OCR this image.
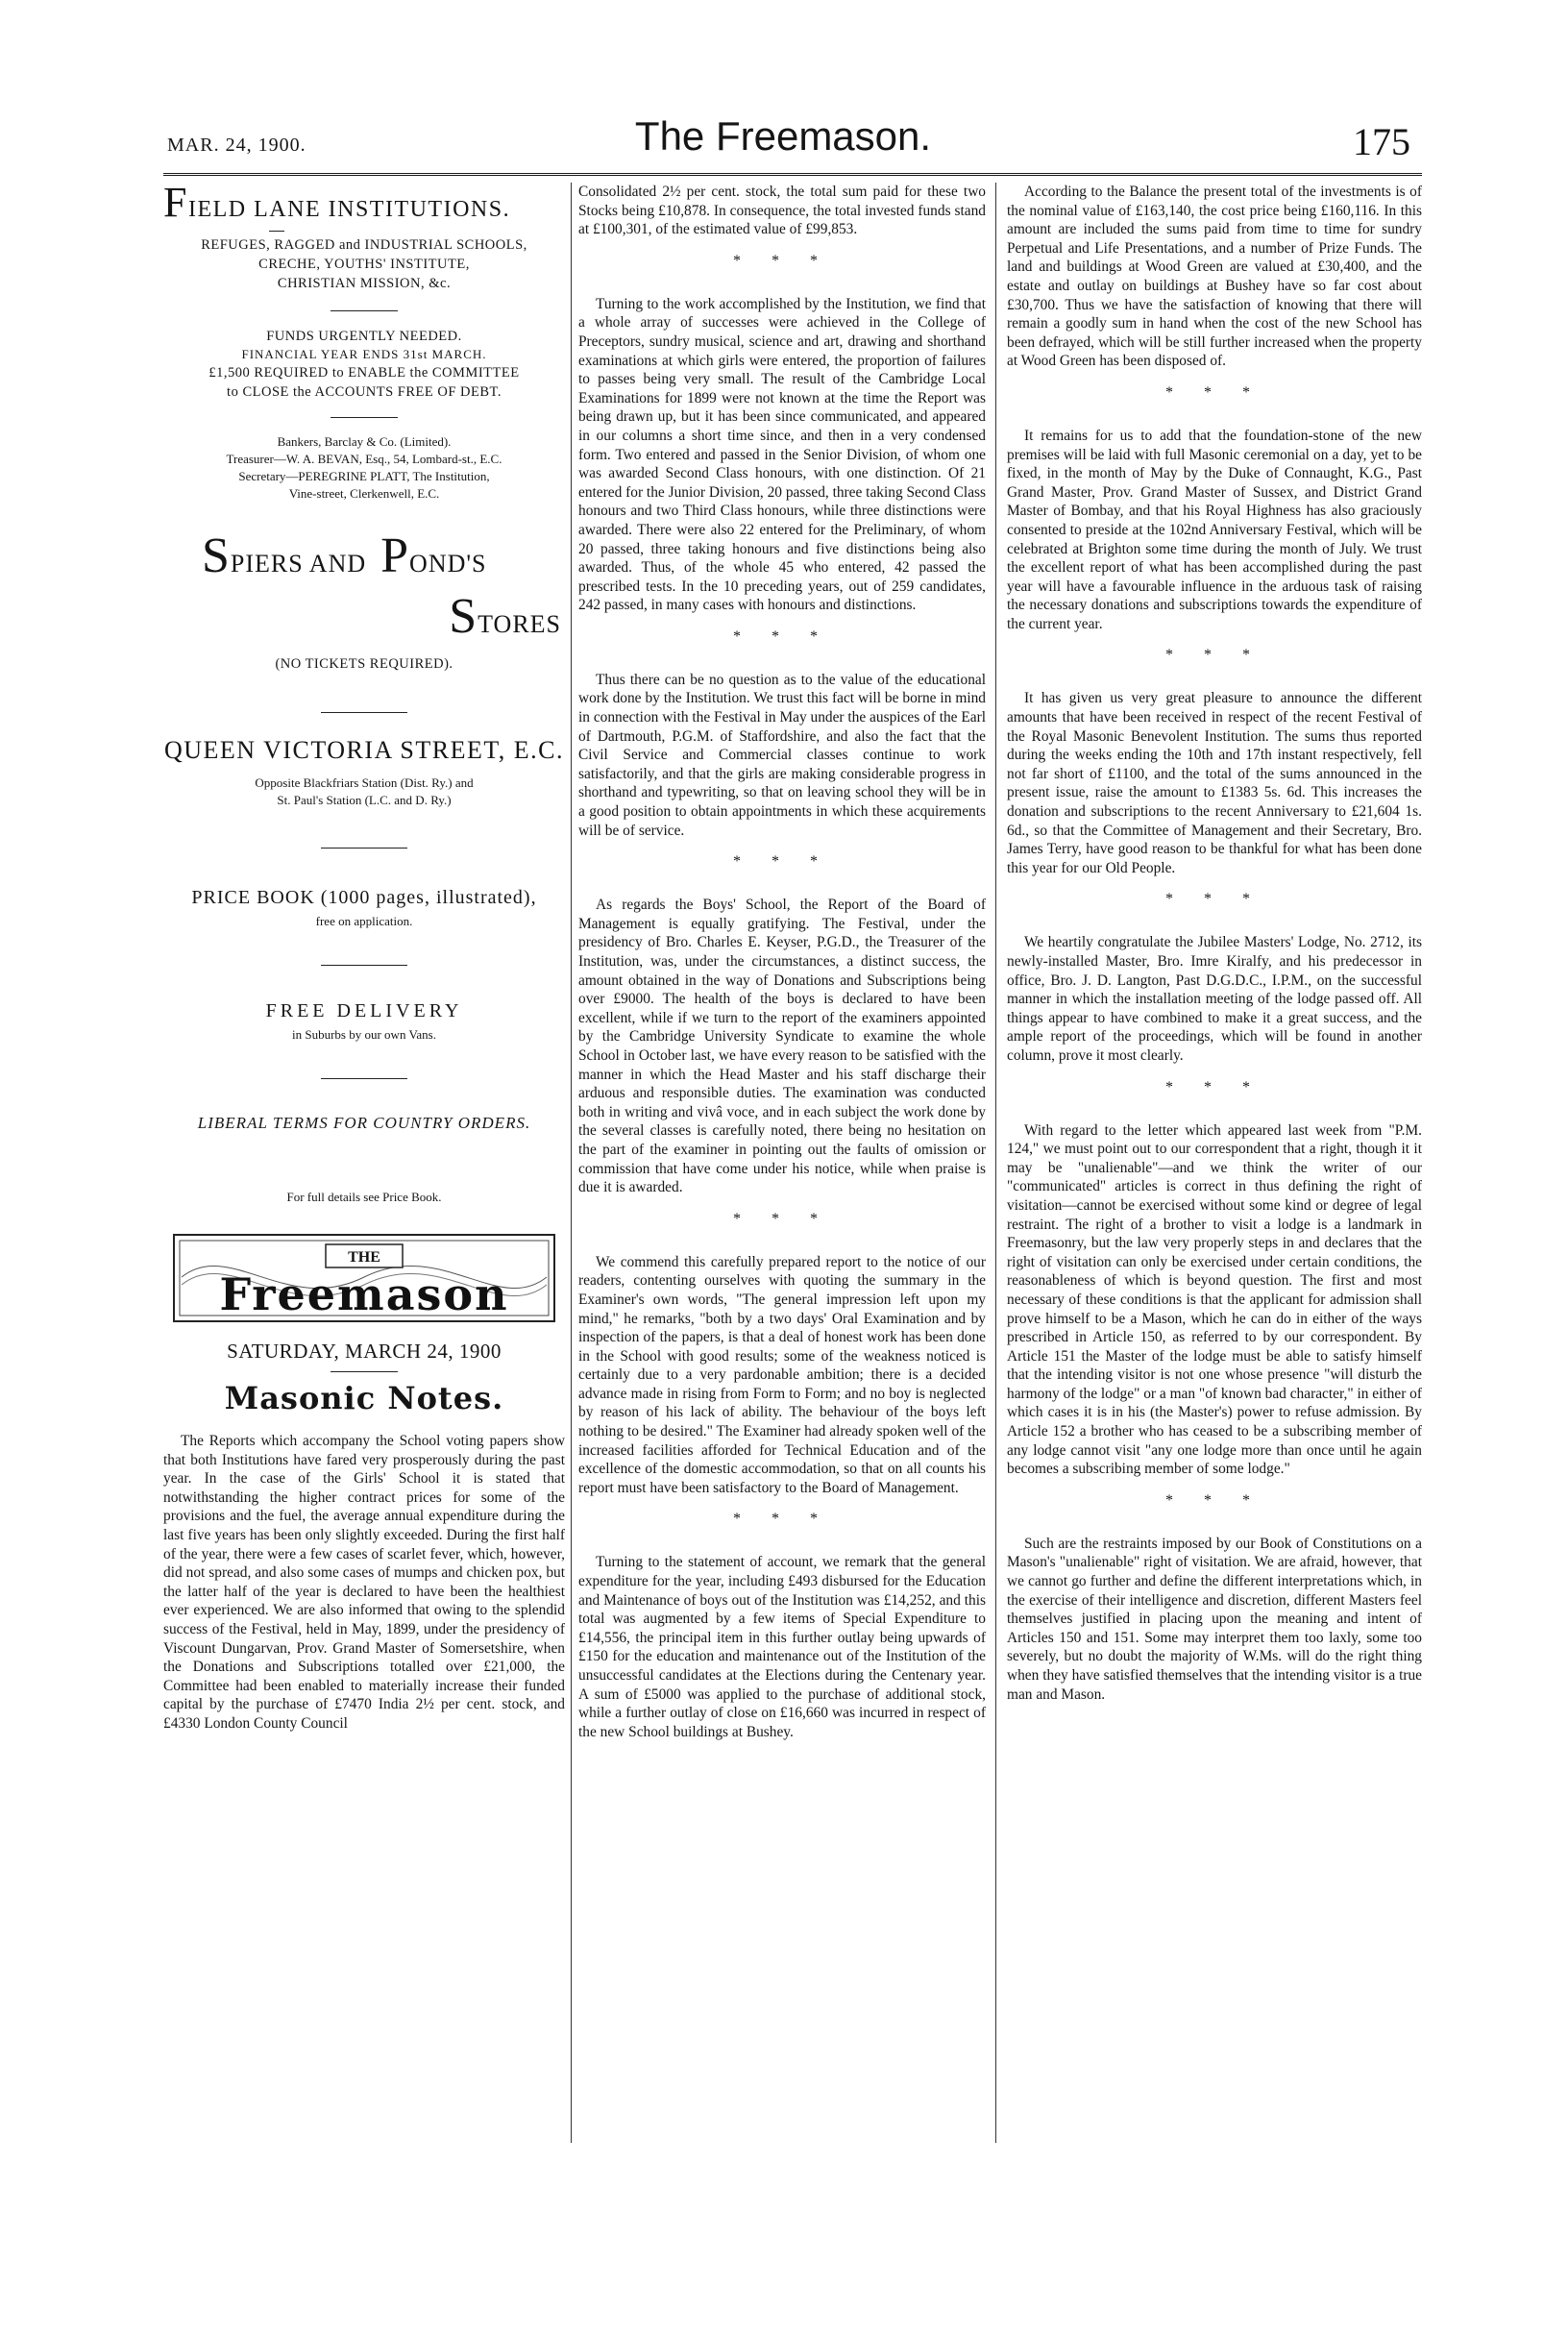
MAR. 24, 1900.	The Freemason.	175
FIELD LANE INSTITUTIONS.

REFUGES, RAGGED and INDUSTRIAL SCHOOLS,

CRECHE, YOUTHS' INSTITUTE,

CHRISTIAN MISSION, &c.

FUNDS URGENTLY NEEDED.

FINANCIAL YEAR ENDS 31st MARCH.

£1,500 REQUIRED to ENABLE the COMMITTEE

to CLOSE the ACCOUNTS FREE OF DEBT.

Bankers, Barclay & Co. (Limited).

Treasurer—W. A. BEVAN, Esq., 54, Lombard-st., E.C.

Secretary—PEREGRINE PLATT, The Institution,

Vine-street, Clerkenwell, E.C.

SPIERS AND POND'S
STORES

(NO TICKETS REQUIRED).

QUEEN VICTORIA STREET, E.C.

Opposite Blackfriars Station (Dist. Ry.) and

St. Paul's Station (L.C. and D. Ry.)

PRICE BOOK (1000 pages, illustrated),

free on application.

FREE DELIVERY

in Suburbs by our own Vans.

LIBERAL TERMS FOR COUNTRY ORDERS.

For full details see Price Book.

THE
Freemason
SATURDAY, MARCH 24, 1900
Masonic Notes.

The Reports which accompany the School voting papers show that both Institutions have fared very prosperously during the past year. In the case of the Girls' School it is stated that notwithstanding the higher contract prices for some of the provisions and the fuel, the average annual expenditure during the last five years has been only slightly exceeded. During the first half of the year, there were a few cases of scarlet fever, which, however, did not spread, and also some cases of mumps and chicken pox, but the latter half of the year is declared to have been the healthiest ever experienced. We are also informed that owing to the splendid success of the Festival, held in May, 1899, under the presidency of Viscount Dungarvan, Prov. Grand Master of Somersetshire, when the Donations and Subscriptions totalled over £21,000, the Committee had been enabled to materially increase their funded capital by the purchase of £7470 India 2½ per cent. stock, and £4330 London County Council

Consolidated 2½ per cent. stock, the total sum paid for these two Stocks being £10,878. In consequence, the total invested funds stand at £100,301, of the estimated value of £99,853.

* * *

Turning to the work accomplished by the Institution, we find that a whole array of successes were achieved in the College of Preceptors, sundry musical, science and art, drawing and shorthand examinations at which girls were entered, the proportion of failures to passes being very small. The result of the Cambridge Local Examinations for 1899 were not known at the time the Report was being drawn up, but it has been since communicated, and appeared in our columns a short time since, and then in a very condensed form. Two entered and passed in the Senior Division, of whom one was awarded Second Class honours, with one distinction. Of 21 entered for the Junior Division, 20 passed, three taking Second Class honours and two Third Class honours, while three distinctions were awarded. There were also 22 entered for the Preliminary, of whom 20 passed, three taking honours and five distinctions being also awarded. Thus, of the whole 45 who entered, 42 passed the prescribed tests. In the 10 preceding years, out of 259 candidates, 242 passed, in many cases with honours and distinctions.

* * *

Thus there can be no question as to the value of the educational work done by the Institution. We trust this fact will be borne in mind in connection with the Festival in May under the auspices of the Earl of Dartmouth, P.G.M. of Staffordshire, and also the fact that the Civil Service and Commercial classes continue to work satisfactorily, and that the girls are making considerable progress in shorthand and typewriting, so that on leaving school they will be in a good position to obtain appointments in which these acquirements will be of service.

* * *

As regards the Boys' School, the Report of the Board of Management is equally gratifying. The Festival, under the presidency of Bro. Charles E. Keyser, P.G.D., the Treasurer of the Institution, was, under the circumstances, a distinct success, the amount obtained in the way of Donations and Subscriptions being over £9000. The health of the boys is declared to have been excellent, while if we turn to the report of the examiners appointed by the Cambridge University Syndicate to examine the whole School in October last, we have every reason to be satisfied with the manner in which the Head Master and his staff discharge their arduous and responsible duties. The examination was conducted both in writing and vivâ voce, and in each subject the work done by the several classes is carefully noted, there being no hesitation on the part of the examiner in pointing out the faults of omission or commission that have come under his notice, while when praise is due it is awarded.

* * *

We commend this carefully prepared report to the notice of our readers, contenting ourselves with quoting the summary in the Examiner's own words, "The general impression left upon my mind," he remarks, "both by a two days' Oral Examination and by inspection of the papers, is that a deal of honest work has been done in the School with good results; some of the weakness noticed is certainly due to a very pardonable ambition; there is a decided advance made in rising from Form to Form; and no boy is neglected by reason of his lack of ability. The behaviour of the boys left nothing to be desired." The Examiner had already spoken well of the increased facilities afforded for Technical Education and of the excellence of the domestic accommodation, so that on all counts his report must have been satisfactory to the Board of Management.

* * *

Turning to the statement of account, we remark that the general expenditure for the year, including £493 disbursed for the Education and Maintenance of boys out of the Institution was £14,252, and this total was augmented by a few items of Special Expenditure to £14,556, the principal item in this further outlay being upwards of £150 for the education and maintenance out of the Institution of the unsuccessful candidates at the Elections during the Centenary year. A sum of £5000 was applied to the purchase of additional stock, while a further outlay of close on £16,660 was incurred in respect of the new School buildings at Bushey.

According to the Balance the present total of the investments is of the nominal value of £163,140, the cost price being £160,116. In this amount are included the sums paid from time to time for sundry Perpetual and Life Presentations, and a number of Prize Funds. The land and buildings at Wood Green are valued at £30,400, and the estate and outlay on buildings at Bushey have so far cost about £30,700. Thus we have the satisfaction of knowing that there will remain a goodly sum in hand when the cost of the new School has been defrayed, which will be still further increased when the property at Wood Green has been disposed of.

* * *

It remains for us to add that the foundation-stone of the new premises will be laid with full Masonic ceremonial on a day, yet to be fixed, in the month of May by the Duke of Connaught, K.G., Past Grand Master, Prov. Grand Master of Sussex, and District Grand Master of Bombay, and that his Royal Highness has also graciously consented to preside at the 102nd Anniversary Festival, which will be celebrated at Brighton some time during the month of July. We trust the excellent report of what has been accomplished during the past year will have a favourable influence in the arduous task of raising the necessary donations and subscriptions towards the expenditure of the current year.

* * *

It has given us very great pleasure to announce the different amounts that have been received in respect of the recent Festival of the Royal Masonic Benevolent Institution. The sums thus reported during the weeks ending the 10th and 17th instant respectively, fell not far short of £1100, and the total of the sums announced in the present issue, raise the amount to £1383 5s. 6d. This increases the donation and subscriptions to the recent Anniversary to £21,604 1s. 6d., so that the Committee of Management and their Secretary, Bro. James Terry, have good reason to be thankful for what has been done this year for our Old People.

* * *

We heartily congratulate the Jubilee Masters' Lodge, No. 2712, its newly-installed Master, Bro. Imre Kiralfy, and his predecessor in office, Bro. J. D. Langton, Past D.G.D.C., I.P.M., on the successful manner in which the installation meeting of the lodge passed off. All things appear to have combined to make it a great success, and the ample report of the proceedings, which will be found in another column, prove it most clearly.

* * *

With regard to the letter which appeared last week from "P.M. 124," we must point out to our correspondent that a right, though it it may be "unalienable"—and we think the writer of our "communicated" articles is correct in thus defining the right of visitation—cannot be exercised without some kind or degree of legal restraint. The right of a brother to visit a lodge is a landmark in Freemasonry, but the law very properly steps in and declares that the right of visitation can only be exercised under certain conditions, the reasonableness of which is beyond question. The first and most necessary of these conditions is that the applicant for admission shall prove himself to be a Mason, which he can do in either of the ways prescribed in Article 150, as referred to by our correspondent. By Article 151 the Master of the lodge must be able to satisfy himself that the intending visitor is not one whose presence "will disturb the harmony of the lodge" or a man "of known bad character," in either of which cases it is in his (the Master's) power to refuse admission. By Article 152 a brother who has ceased to be a subscribing member of any lodge cannot visit "any one lodge more than once until he again becomes a subscribing member of some lodge."

* * *

Such are the restraints imposed by our Book of Constitutions on a Mason's "unalienable" right of visitation. We are afraid, however, that we cannot go further and define the different interpretations which, in the exercise of their intelligence and discretion, different Masters feel themselves justified in placing upon the meaning and intent of Articles 150 and 151. Some may interpret them too laxly, some too severely, but no doubt the majority of W.Ms. will do the right thing when they have satisfied themselves that the intending visitor is a true man and Mason.
